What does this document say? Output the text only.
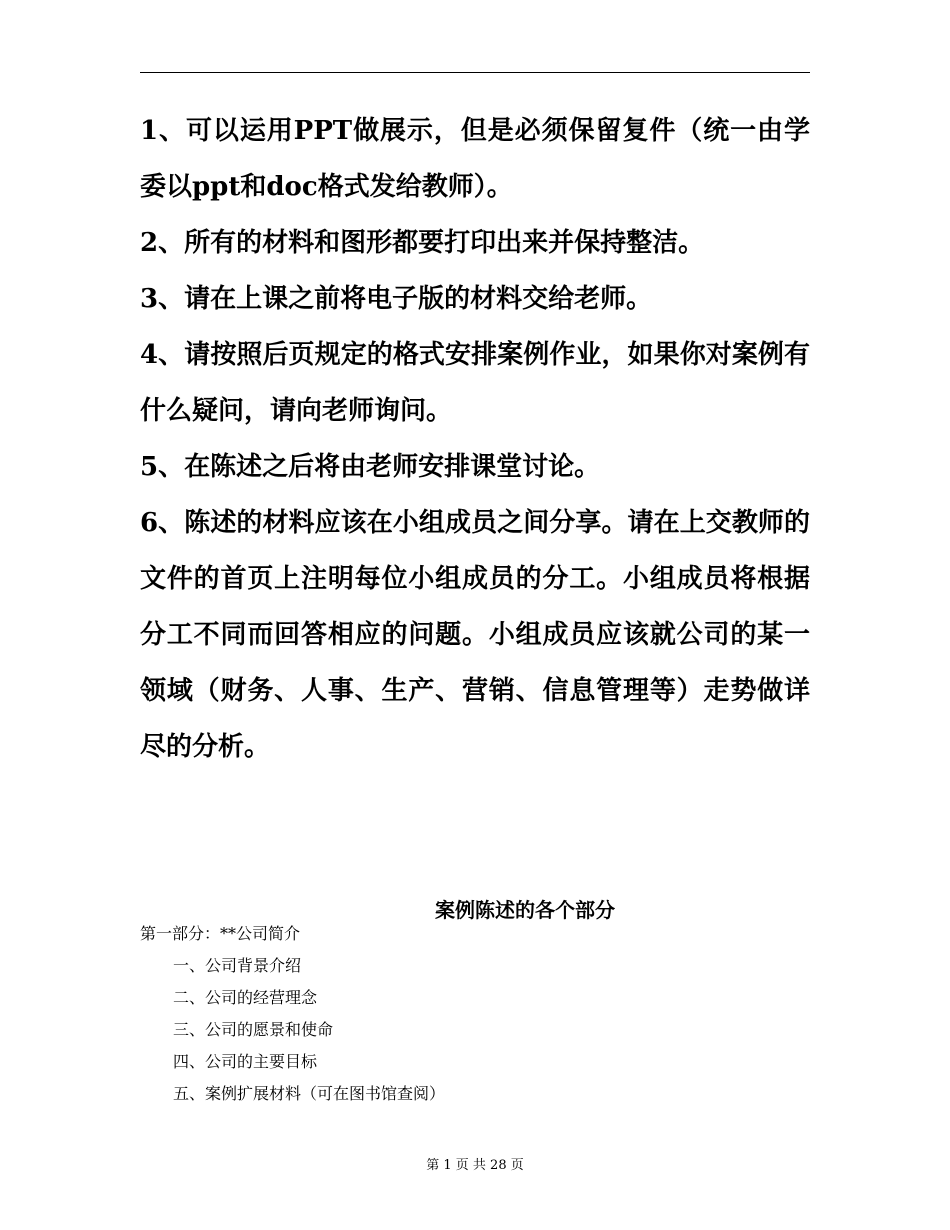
1、可以运用PPT做展示，但是必须保留复件（统一由学委以ppt和doc格式发给教师）。

2、所有的材料和图形都要打印出来并保持整洁。

3、请在上课之前将电子版的材料交给老师。

4、请按照后页规定的格式安排案例作业，如果你对案例有什么疑问，请向老师询问。

5、在陈述之后将由老师安排课堂讨论。

6、陈述的材料应该在小组成员之间分享。请在上交教师的文件的首页上注明每位小组成员的分工。小组成员将根据分工不同而回答相应的问题。小组成员应该就公司的某一领域（财务、人事、生产、营销、信息管理等）走势做详尽的分析。

案例陈述的各个部分

第一部分：**公司简介

一、公司背景介绍

二、公司的经营理念

三、公司的愿景和使命

四、公司的主要目标

五、案例扩展材料（可在图书馆查阅）

第 1 页 共 28 页
